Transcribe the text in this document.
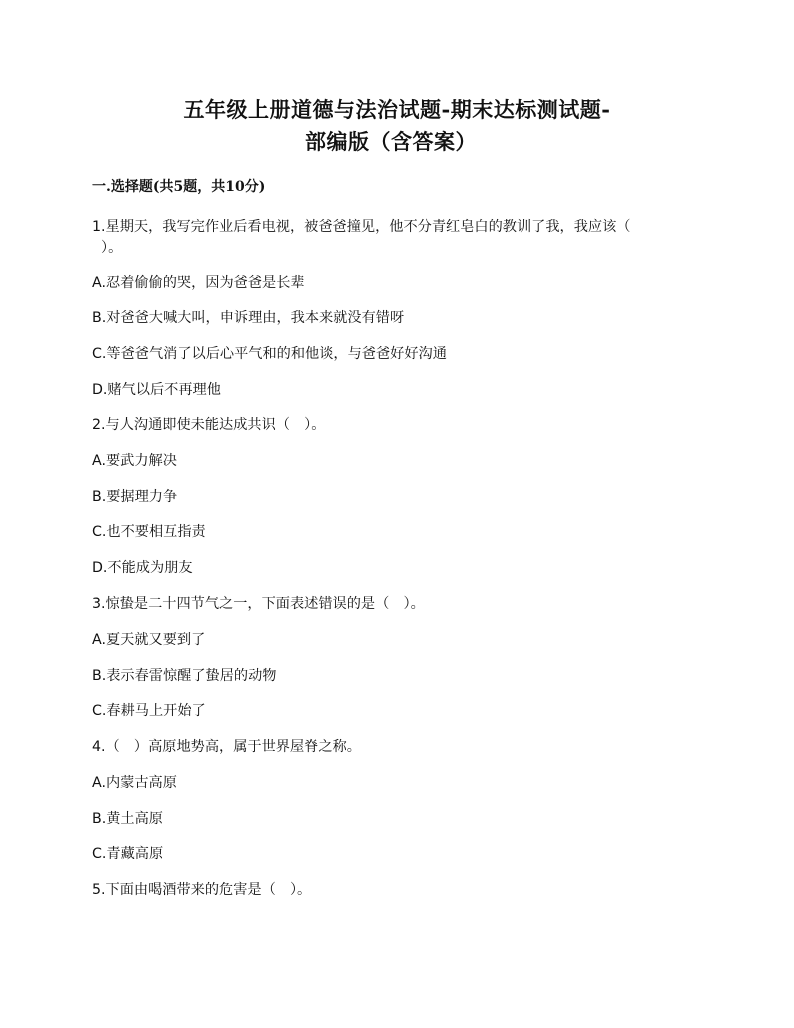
五年级上册道德与法治试题-期末达标测试题-
部编版（含答案）
一.选择题(共5题，共10分)
1.星期天，我写完作业后看电视，被爸爸撞见，他不分青红皂白的教训了我，我应该（
）。
A.忍着偷偷的哭，因为爸爸是长辈
B.对爸爸大喊大叫，申诉理由，我本来就没有错呀
C.等爸爸气消了以后心平气和的和他谈，与爸爸好好沟通
D.赌气以后不再理他
2.与人沟通即使未能达成共识（　）。
A.要武力解决
B.要据理力争
C.也不要相互指责
D.不能成为朋友
3.惊蛰是二十四节气之一，下面表述错误的是（　）。
A.夏天就又要到了
B.表示春雷惊醒了蛰居的动物
C.春耕马上开始了
4.（　）高原地势高，属于世界屋脊之称。
A.内蒙古高原
B.黄土高原
C.青藏高原
5.下面由喝酒带来的危害是（　）。
